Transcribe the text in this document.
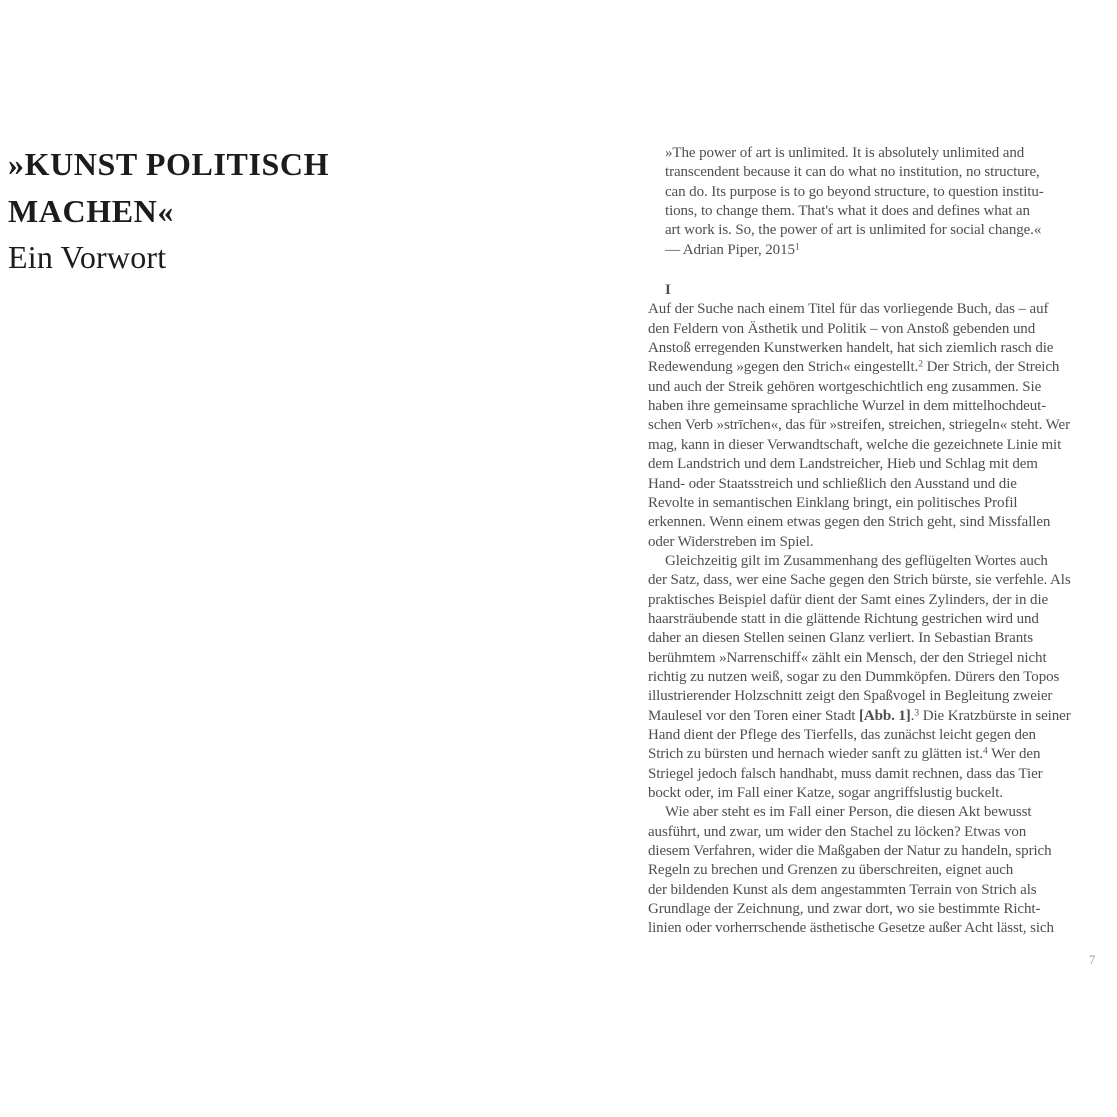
»KUNST POLITISCH
MACHEN«
Ein Vorwort
»The power of art is unlimited. It is absolutely unlimited and
transcendent because it can do what no institution, no structure,
can do. Its purpose is to go beyond structure, to question institu-
tions, to change them. That's what it does and defines what an
art work is. So, the power of art is unlimited for social change.«
— Adrian Piper, 2015$^1$
I

Auf der Suche nach einem Titel für das vorliegende Buch, das – auf
den Feldern von Ästhetik und Politik – von Anstoß gebenden und
Anstoß erregenden Kunstwerken handelt, hat sich ziemlich rasch die
Redewendung »gegen den Strich« eingestellt.$^2$ Der Strich, der Streich
und auch der Streik gehören wortgeschichtlich eng zusammen. Sie
haben ihre gemeinsame sprachliche Wurzel in dem mittelhochdeut-
schen Verb »strīchen«, das für »streifen, streichen, striegeln« steht. Wer
mag, kann in dieser Verwandtschaft, welche die gezeichnete Linie mit
dem Landstrich und dem Landstreicher, Hieb und Schlag mit dem
Hand- oder Staatsstreich und schließlich den Ausstand und die
Revolte in semantischen Einklang bringt, ein politisches Profil
erkennen. Wenn einem etwas gegen den Strich geht, sind Missfallen
oder Widerstreben im Spiel.

Gleichzeitig gilt im Zusammenhang des geflügelten Wortes auch
der Satz, dass, wer eine Sache gegen den Strich bürste, sie verfehle. Als
praktisches Beispiel dafür dient der Samt eines Zylinders, der in die
haarsträubende statt in die glättende Richtung gestrichen wird und
daher an diesen Stellen seinen Glanz verliert. In Sebastian Brants
berühmtem »Narrenschiff« zählt ein Mensch, der den Striegel nicht
richtig zu nutzen weiß, sogar zu den Dummköpfen. Dürers den Topos
illustrierender Holzschnitt zeigt den Spaßvogel in Begleitung zweier
Maulesel vor den Toren einer Stadt [Abb. 1].$^3$ Die Kratzbürste in seiner
Hand dient der Pflege des Tierfells, das zunächst leicht gegen den
Strich zu bürsten und hernach wieder sanft zu glätten ist.$^4$ Wer den
Striegel jedoch falsch handhabt, muss damit rechnen, dass das Tier
bockt oder, im Fall einer Katze, sogar angriffslustig buckelt.

Wie aber steht es im Fall einer Person, die diesen Akt bewusst
ausführt, und zwar, um wider den Stachel zu löcken? Etwas von
diesem Verfahren, wider die Maßgaben der Natur zu handeln, sprich
Regeln zu brechen und Grenzen zu überschreiten, eignet auch
der bildenden Kunst als dem angestammten Terrain von Strich als
Grundlage der Zeichnung, und zwar dort, wo sie bestimmte Richt-
linien oder vorherrschende ästhetische Gesetze außer Acht lässt, sich

7
